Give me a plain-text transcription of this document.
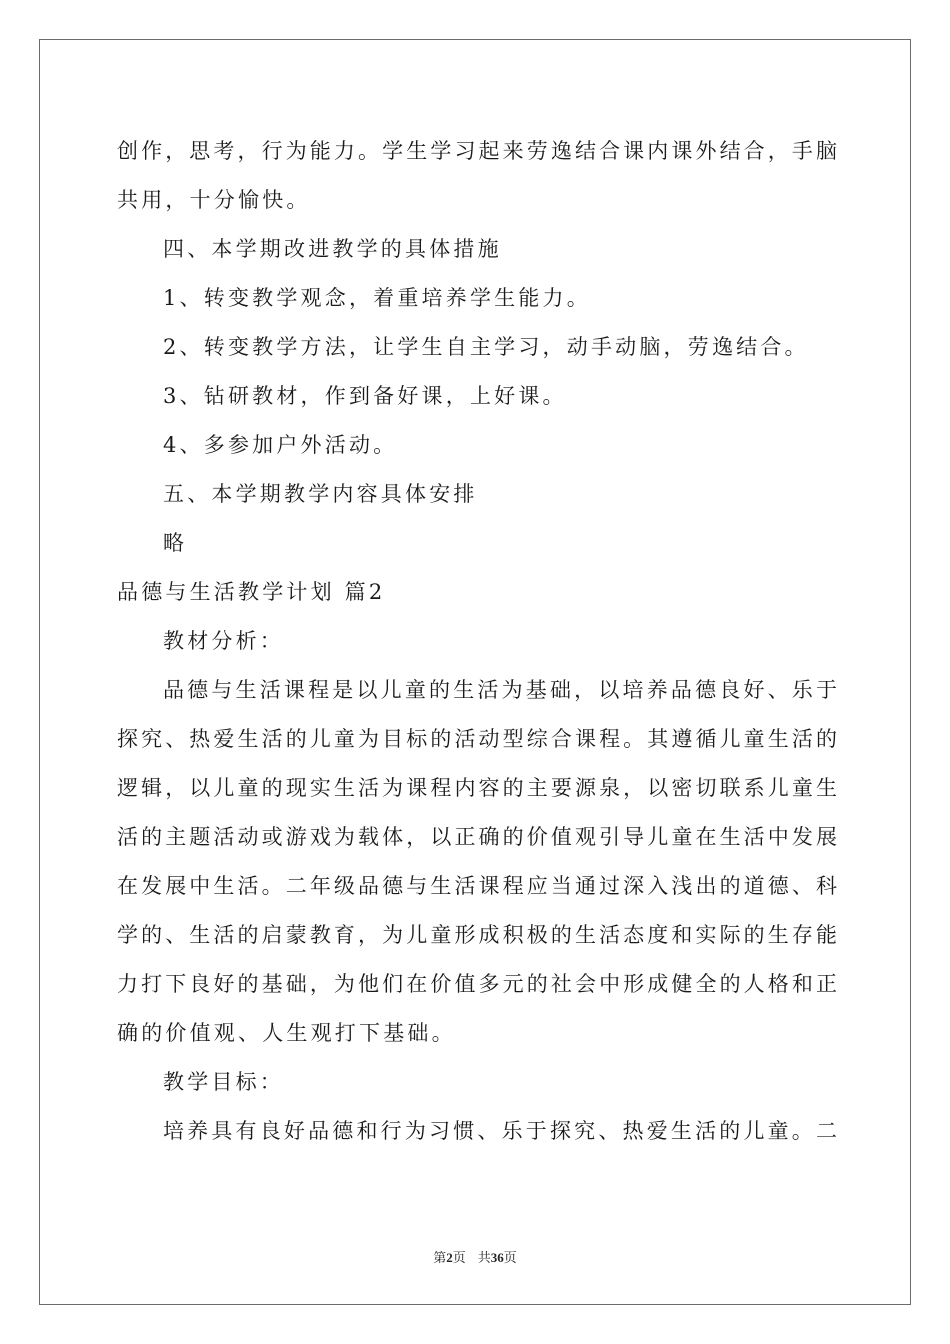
创作，思考，行为能力。学生学习起来劳逸结合课内课外结合，手脑
共用，十分愉快。
四、本学期改进教学的具体措施
1、转变教学观念，着重培养学生能力。
2、转变教学方法，让学生自主学习，动手动脑，劳逸结合。
3、钻研教材，作到备好课，上好课。
4、多参加户外活动。
五、本学期教学内容具体安排
略
品德与生活教学计划 篇2
教材分析：
品德与生活课程是以儿童的生活为基础，以培养品德良好、乐于
探究、热爱生活的儿童为目标的活动型综合课程。其遵循儿童生活的
逻辑，以儿童的现实生活为课程内容的主要源泉，以密切联系儿童生
活的主题活动或游戏为载体，以正确的价值观引导儿童在生活中发展
在发展中生活。二年级品德与生活课程应当通过深入浅出的道德、科
学的、生活的启蒙教育，为儿童形成积极的生活态度和实际的生存能
力打下良好的基础，为他们在价值多元的社会中形成健全的人格和正
确的价值观、人生观打下基础。
教学目标：
培养具有良好品德和行为习惯、乐于探究、热爱生活的儿童。二
第2页 共36页
